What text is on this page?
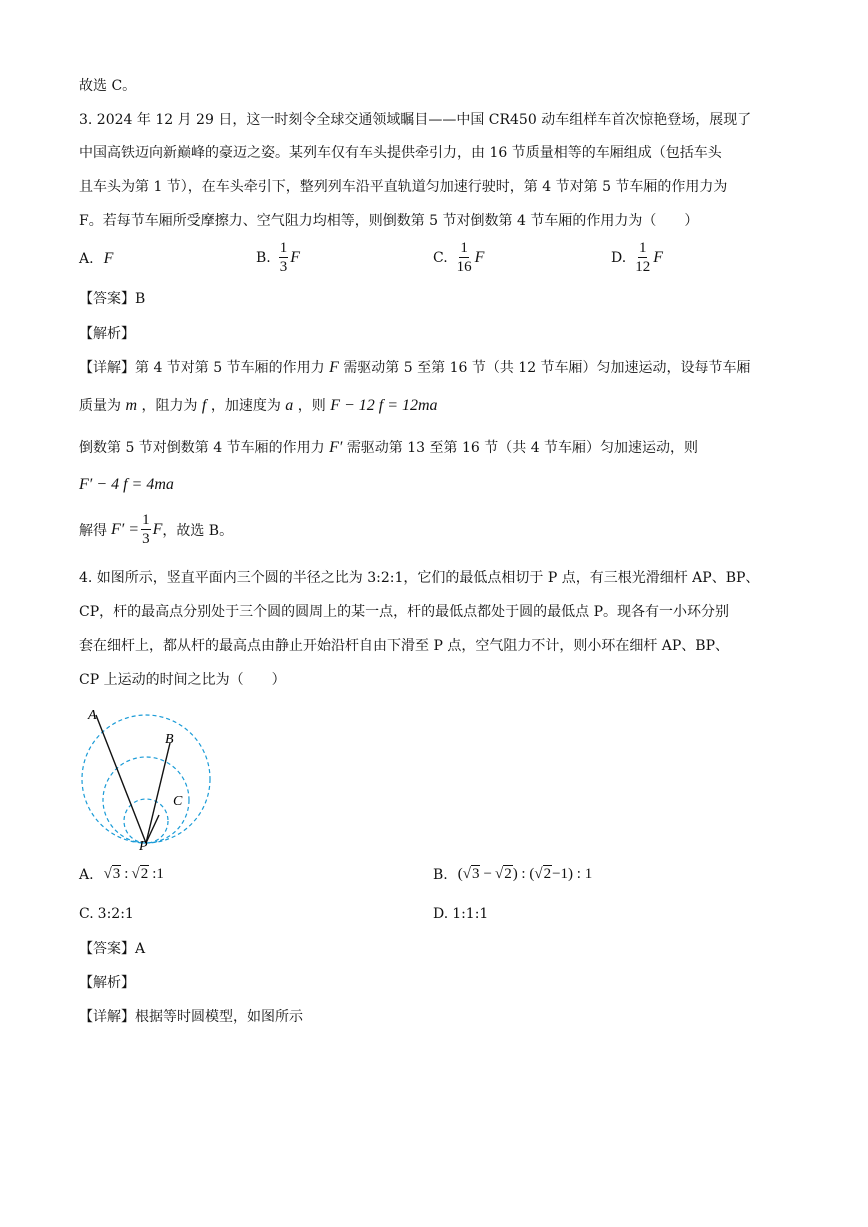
故选 C。
3. 2024 年 12 月 29 日，这一时刻令全球交通领域瞩目——中国 CR450 动车组样车首次惊艳登场，展现了
中国高铁迈向新巅峰的豪迈之姿。某列车仅有车头提供牵引力，由 16 节质量相等的车厢组成（包括车头
且车头为第 1 节），在车头牵引下，整列列车沿平直轨道匀加速行驶时，第 4 节对第 5 节车厢的作用力为
F。若每节车厢所受摩擦力、空气阻力均相等，则倒数第 5 节对倒数第 4 节车厢的作用力为（　　）
A. F	B. $\frac{1}{3}$ F	C. $\frac{1}{16}$ F	D. $\frac{1}{12}$ F
【答案】B
【解析】
【详解】第 4 节对第 5 节车厢的作用力 F 需驱动第 5 至第 16 节（共 12 节车厢）匀加速运动，设每节车厢
质量为 m ，阻力为 f ，加速度为 a ，则 F − 12 f = 12ma
倒数第 5 节对倒数第 4 节车厢的作用力 F′ 需驱动第 13 至第 16 节（共 4 节车厢）匀加速运动，则
F′ − 4 f = 4ma
解得 $F' = \frac{1}{3}$ F ，故选 B。
4. 如图所示，竖直平面内三个圆的半径之比为 3:2:1，它们的最低点相切于 P 点，有三根光滑细杆 AP、BP、
CP，杆的最高点分别处于三个圆的圆周上的某一点，杆的最低点都处于圆的最低点 P。现各有一小环分别
套在细杆上，都从杆的最高点由静止开始沿杆自由下滑至 P 点，空气阻力不计，则小环在细杆 AP、BP、
CP 上运动的时间之比为（　　）
A
B
C
P
A. √3 : √2 :1	B. ( √3 − √2 ) : ( √2 −1) : 1
C. 3:2:1	D. 1:1:1
【答案】A
【解析】
【详解】根据等时圆模型，如图所示
